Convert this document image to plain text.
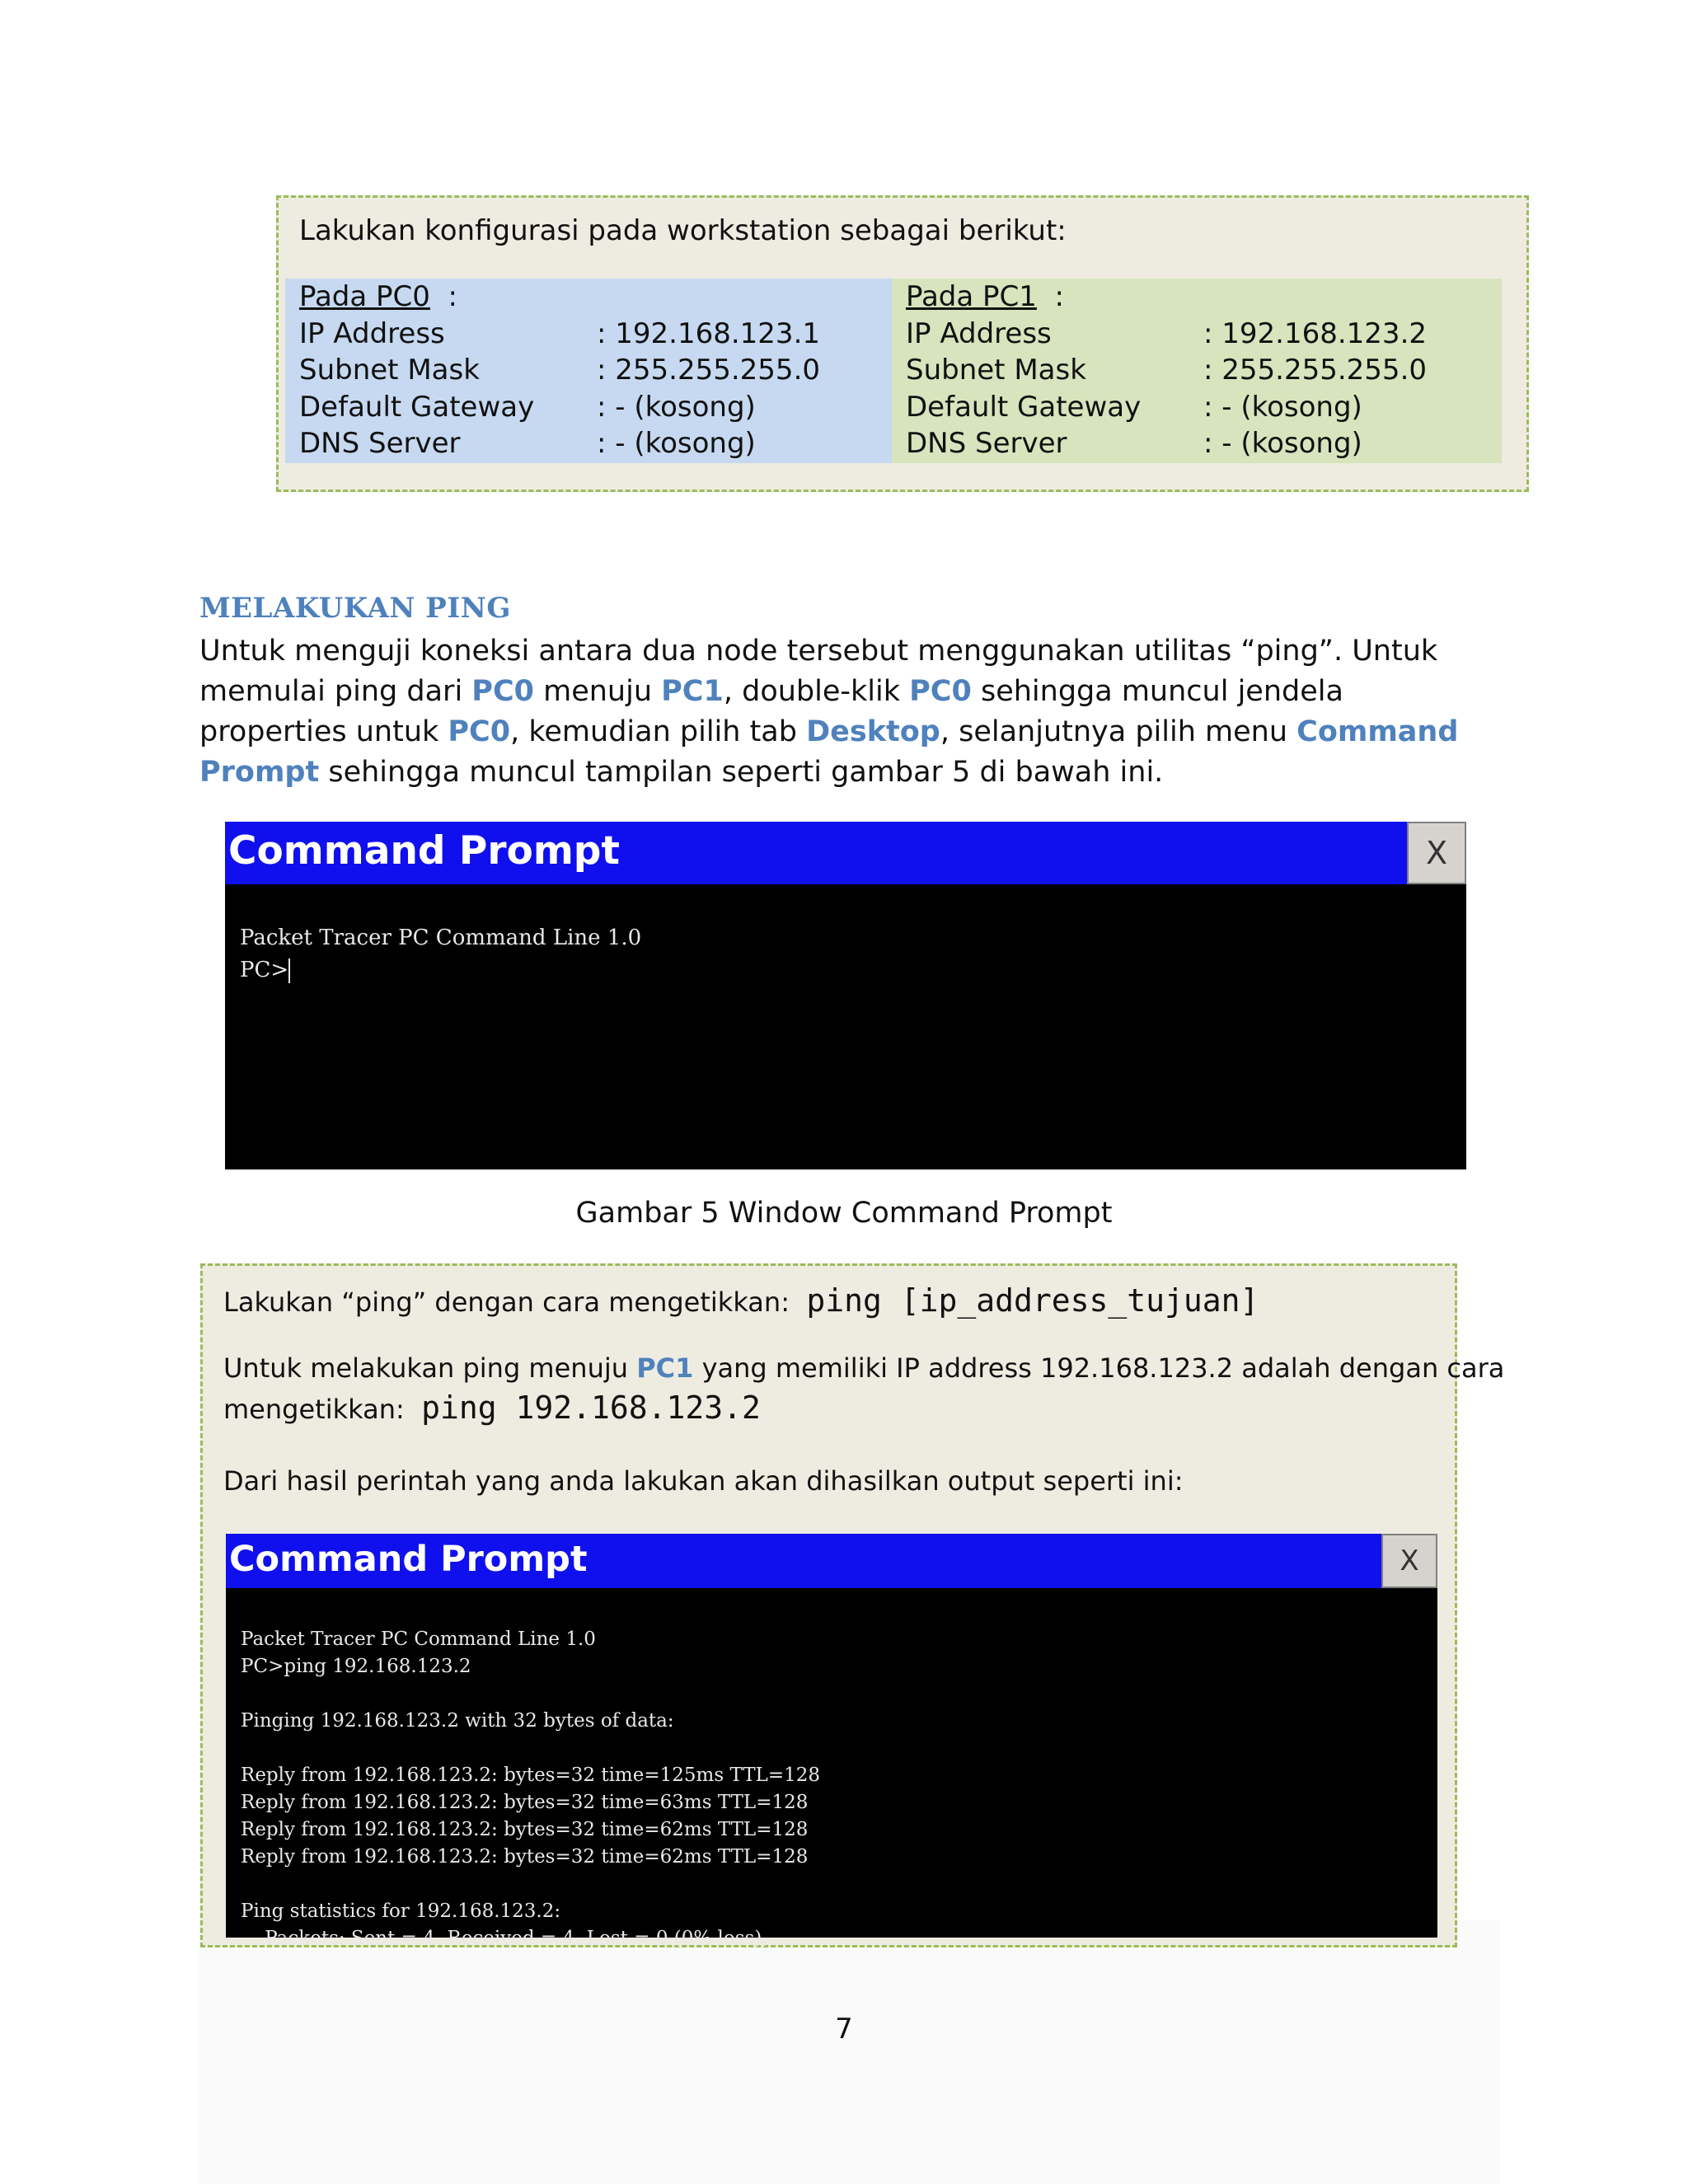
Lakukan konfigurasi pada workstation sebagai berikut:
Pada PC0  :
IP Address	: 192.168.123.1
Subnet Mask	: 255.255.255.0
Default Gateway : - (kosong)
DNS Server	: - (kosong)
Pada PC1  :
IP Address	: 192.168.123.2
Subnet Mask	: 255.255.255.0
Default Gateway : - (kosong)
DNS Server	: - (kosong)
MELAKUKAN PING
Untuk menguji koneksi antara dua node tersebut menggunakan utilitas “ping”. Untuk memulai ping dari PC0 menuju PC1, double-klik PC0 sehingga muncul jendela properties untuk PC0, kemudian pilih tab Desktop, selanjutnya pilih menu Command Prompt sehingga muncul tampilan seperti gambar 5 di bawah ini.
Command Prompt	X
Packet Tracer PC Command Line 1.0
PC>
Gambar 5 Window Command Prompt
Lakukan “ping” dengan cara mengetikkan: ping [ip_address_tujuan]
Untuk melakukan ping menuju PC1 yang memiliki IP address 192.168.123.2 adalah dengan cara
mengetikkan: ping 192.168.123.2
Dari hasil perintah yang anda lakukan akan dihasilkan output seperti ini:
Command Prompt	X
Packet Tracer PC Command Line 1.0
PC>ping 192.168.123.2
Pinging 192.168.123.2 with 32 bytes of data:
Reply from 192.168.123.2: bytes=32 time=125ms TTL=128
Reply from 192.168.123.2: bytes=32 time=63ms TTL=128
Reply from 192.168.123.2: bytes=32 time=62ms TTL=128
Reply from 192.168.123.2: bytes=32 time=62ms TTL=128
Ping statistics for 192.168.123.2:
Packets: Sent = 4, Received = 4, Lost = 0 (0% loss),
7
